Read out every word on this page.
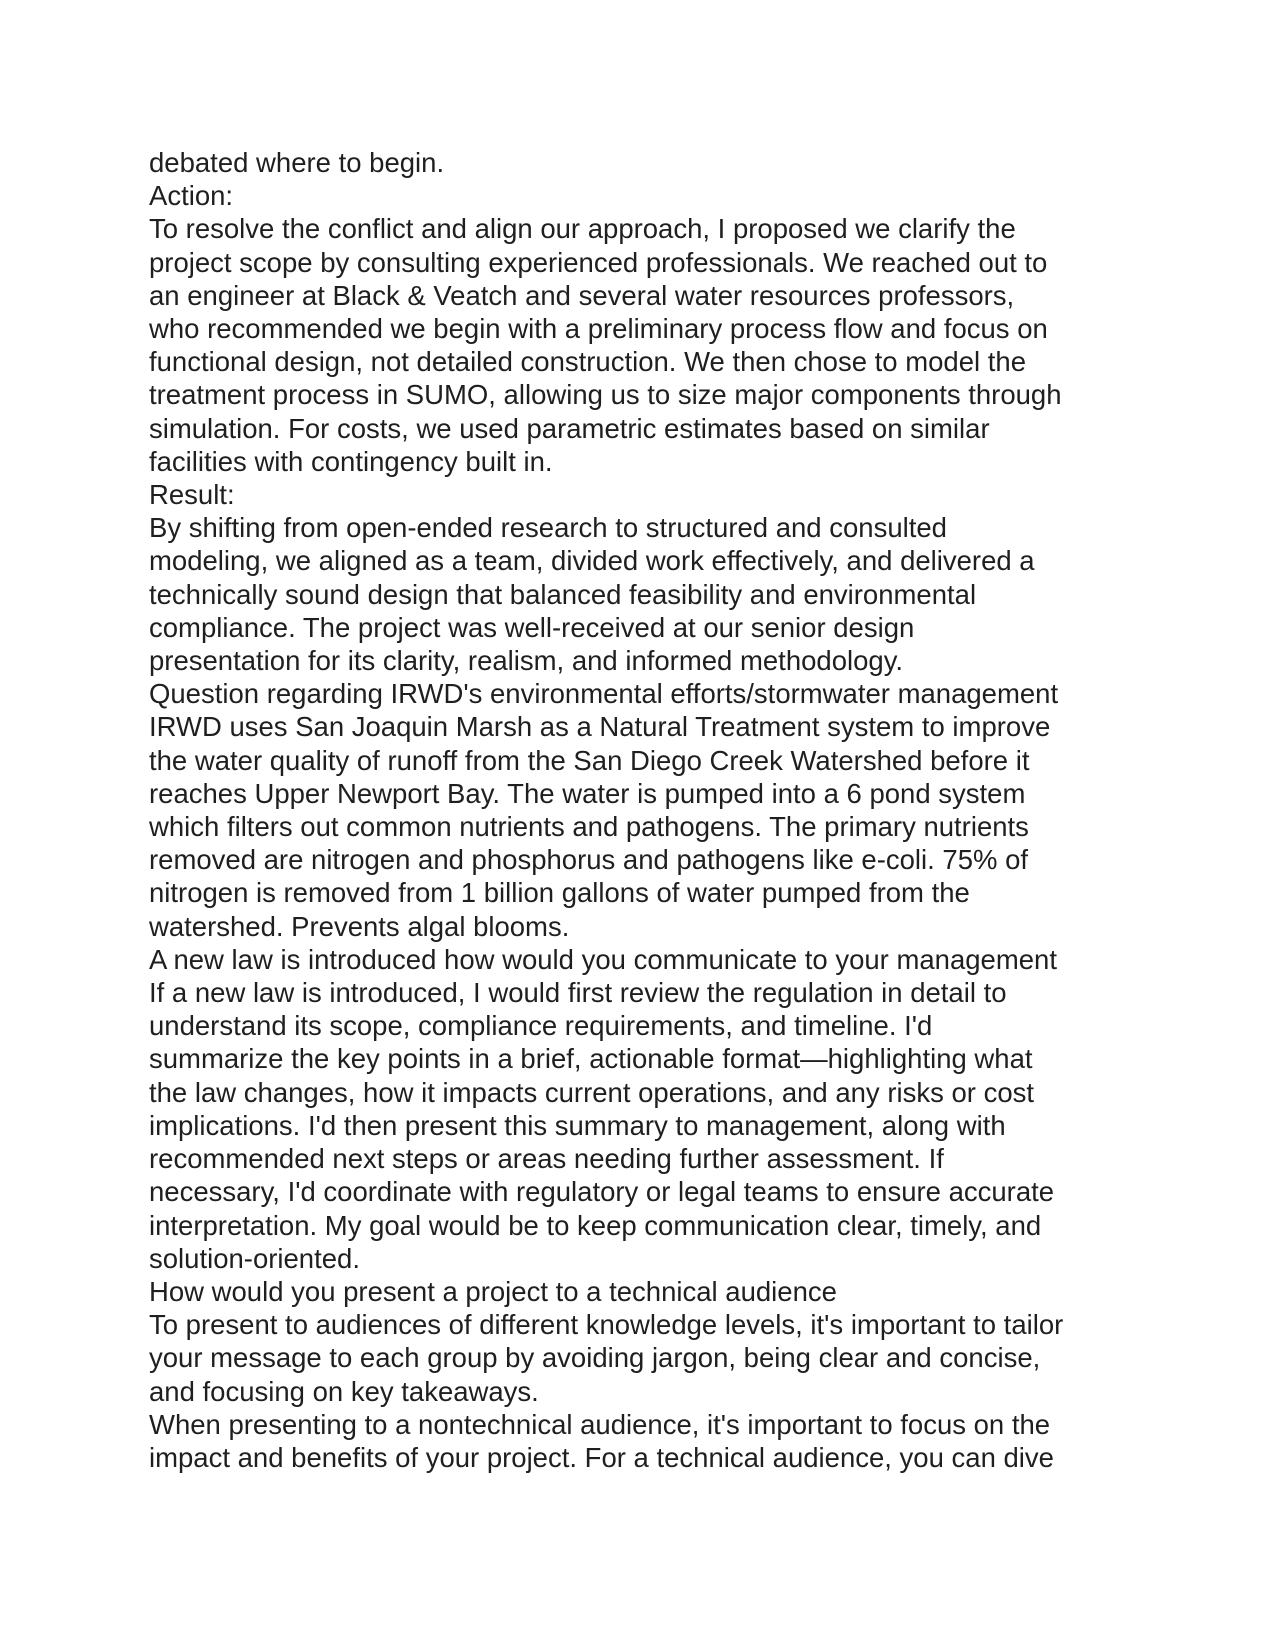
debated where to begin.
Action:
To resolve the conflict and align our approach, I proposed we clarify the
project scope by consulting experienced professionals. We reached out to
an engineer at Black & Veatch and several water resources professors,
who recommended we begin with a preliminary process flow and focus on
functional design, not detailed construction. We then chose to model the
treatment process in SUMO, allowing us to size major components through
simulation. For costs, we used parametric estimates based on similar
facilities with contingency built in.
Result:
By shifting from open-ended research to structured and consulted
modeling, we aligned as a team, divided work effectively, and delivered a
technically sound design that balanced feasibility and environmental
compliance. The project was well-received at our senior design
presentation for its clarity, realism, and informed methodology.
Question regarding IRWD's environmental efforts/stormwater management
IRWD uses San Joaquin Marsh as a Natural Treatment system to improve
the water quality of runoff from the San Diego Creek Watershed before it
reaches Upper Newport Bay. The water is pumped into a 6 pond system
which filters out common nutrients and pathogens. The primary nutrients
removed are nitrogen and phosphorus and pathogens like e-coli. 75% of
nitrogen is removed from 1 billion gallons of water pumped from the
watershed. Prevents algal blooms.
A new law is introduced how would you communicate to your management
If a new law is introduced, I would first review the regulation in detail to
understand its scope, compliance requirements, and timeline. I'd
summarize the key points in a brief, actionable format—highlighting what
the law changes, how it impacts current operations, and any risks or cost
implications. I'd then present this summary to management, along with
recommended next steps or areas needing further assessment. If
necessary, I'd coordinate with regulatory or legal teams to ensure accurate
interpretation. My goal would be to keep communication clear, timely, and
solution-oriented.
How would you present a project to a technical audience
To present to audiences of different knowledge levels, it's important to tailor
your message to each group by avoiding jargon, being clear and concise,
and focusing on key takeaways.
When presenting to a nontechnical audience, it's important to focus on the
impact and benefits of your project. For a technical audience, you can dive
